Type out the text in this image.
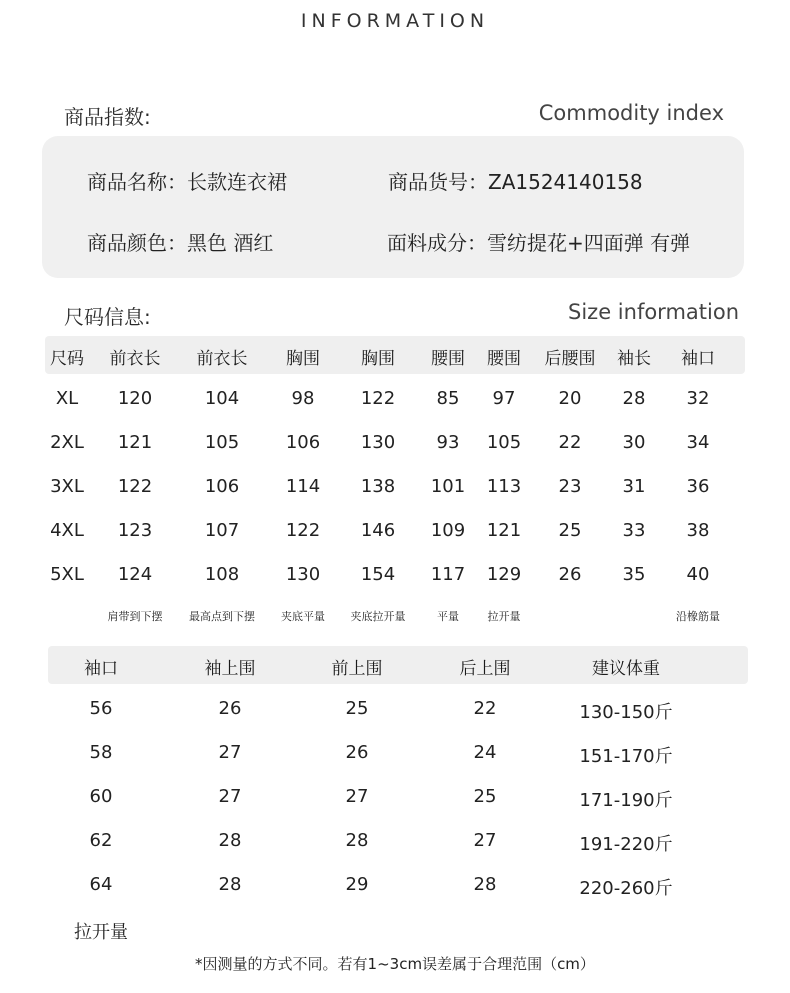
INFORMATION
商品指数:	Commodity index
商品名称：长款连衣裙	商品货号：ZA1524140158
商品颜色：黑色 酒红	面料成分：雪纺提花+四面弹 有弹
尺码信息:	Size information
尺码 前衣长 前衣长 胸围 胸围 腰围 腰围 后腰围 袖长 袖口
XL 120	104	98	122 85 97 20 28 32
2XL 121	105	106 130 93 105 22 30 34
3XL 122	106	114 138 101 113 23 31 36
4XL 123	107	122 146 109 121 25 33 38
5XL 124	108	130 154 117 129 26 35 40
肩带到下摆 最高点到下摆 夹底平量 夹底拉开量	平量	拉开量	沿橡筋量
袖口	袖上围	前上围	后上围	建议体重
56	26	25	22	130-150斤
58	27	26	24	151-170斤
60	27	27	25	171-190斤
62	28	28	27	191-220斤
64	28	29	28	220-260斤
拉开量
*因测量的方式不同。若有1~3cm误差属于合理范围（cm）
